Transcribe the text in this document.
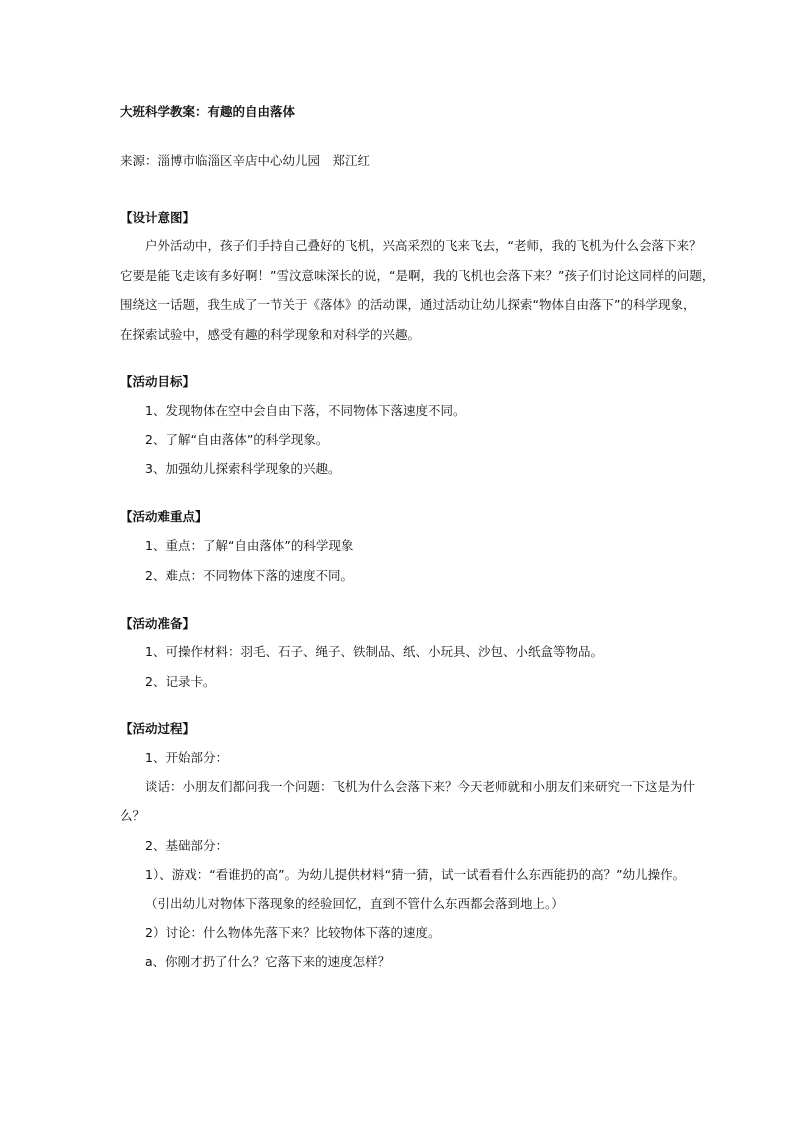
大班科学教案：有趣的自由落体
来源：淄博市临淄区辛店中心幼儿园　郑江红
【设计意图】
户外活动中，孩子们手持自己叠好的飞机，兴高采烈的飞来飞去，“老师，我的飞机为什么会落下来？
它要是能飞走该有多好啊！”雪汶意味深长的说，“是啊，我的飞机也会落下来？”孩子们讨论这同样的问题，
围绕这一话题，我生成了一节关于《落体》的活动课，通过活动让幼儿探索“物体自由落下”的科学现象，
在探索试验中，感受有趣的科学现象和对科学的兴趣。
【活动目标】
1、发现物体在空中会自由下落，不同物体下落速度不同。
2、了解“自由落体”的科学现象。
3、加强幼儿探索科学现象的兴趣。
【活动难重点】
1、重点：了解“自由落体”的科学现象
2、难点：不同物体下落的速度不同。
【活动准备】
1、可操作材料：羽毛、石子、绳子、铁制品、纸、小玩具、沙包、小纸盒等物品。
2、记录卡。
【活动过程】
1、开始部分：
谈话：小朋友们都问我一个问题：飞机为什么会落下来？今天老师就和小朋友们来研究一下这是为什
么？
2、基础部分：
1）、游戏：“看谁扔的高”。为幼儿提供材料“猜一猜，试一试看看什么东西能扔的高？”幼儿操作。
（引出幼儿对物体下落现象的经验回忆，直到不管什么东西都会落到地上。）
2）讨论：什么物体先落下来？比较物体下落的速度。
a、你刚才扔了什么？它落下来的速度怎样？
